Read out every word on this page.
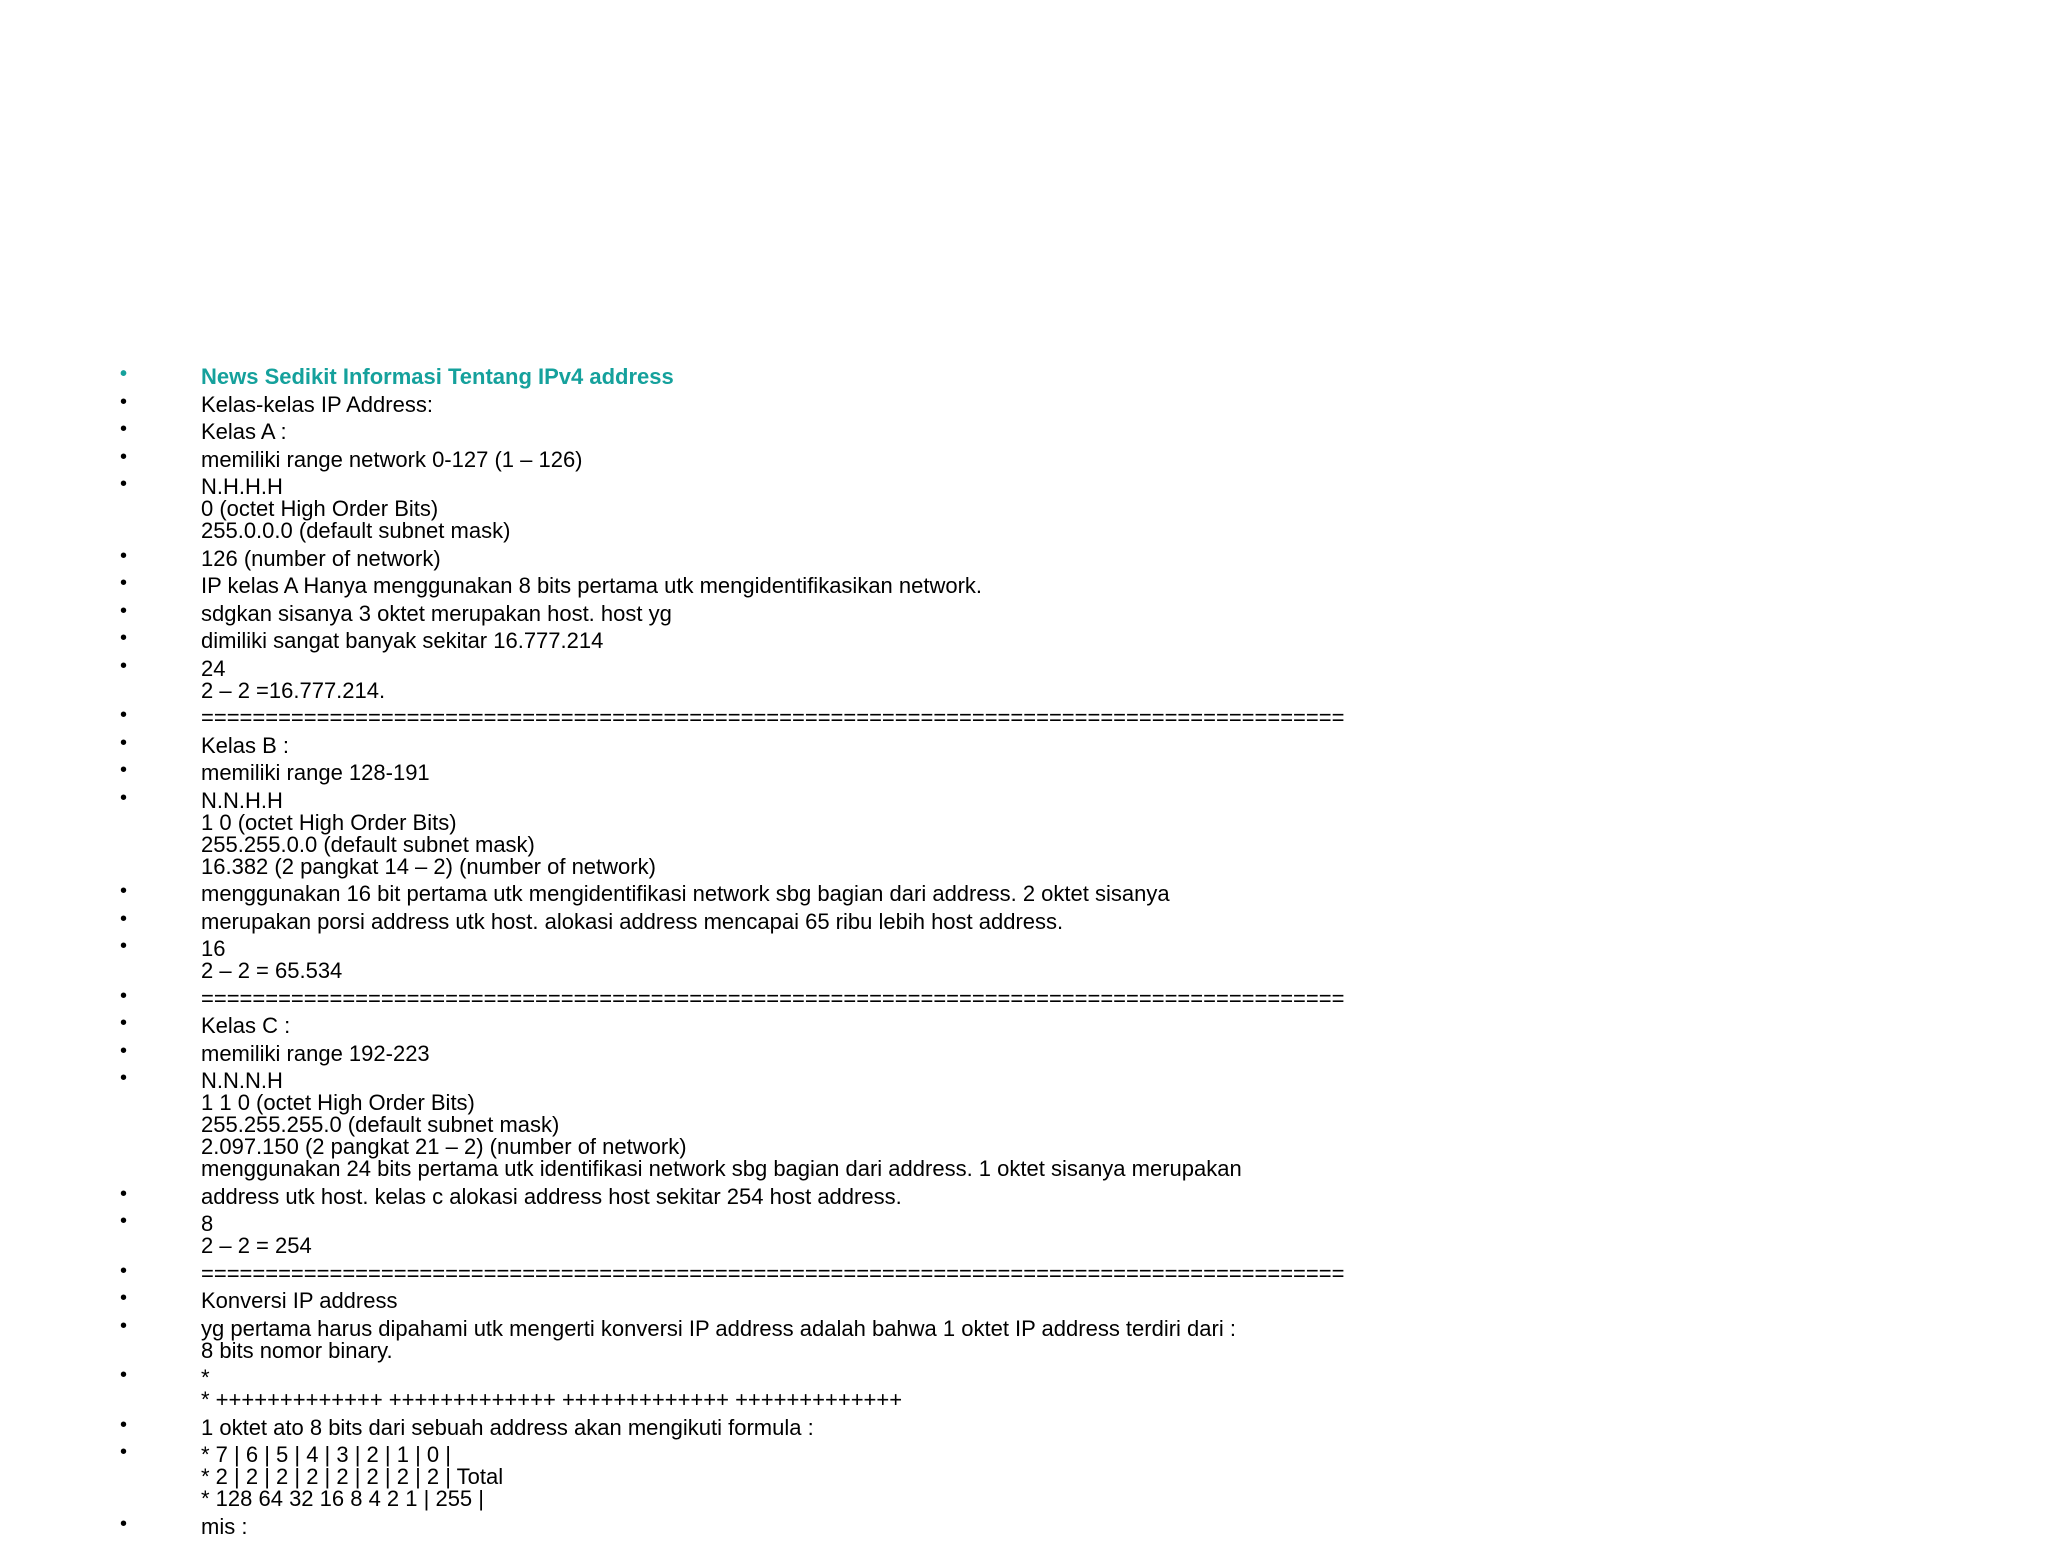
•	News Sedikit Informasi Tentang IPv4 address
•	Kelas-kelas IP Address:
•	Kelas A :
•	memiliki range network 0-127 (1 – 126)
•	N.H.H.H
0 (octet High Order Bits)
255.0.0.0 (default subnet mask)
•	126 (number of network)
•	IP kelas A Hanya menggunakan 8 bits pertama utk mengidentifikasikan network.
•	sdgkan sisanya 3 oktet merupakan host. host yg
•	dimiliki sangat banyak sekitar 16.777.214
•	24
2 – 2 =16.777.214.
•	=========================================================================================
•	Kelas B :
•	memiliki range 128-191
•	N.N.H.H
1 0 (octet High Order Bits)
255.255.0.0 (default subnet mask)
16.382 (2 pangkat 14 – 2) (number of network)
•	menggunakan 16 bit pertama utk mengidentifikasi network sbg bagian dari address. 2 oktet sisanya
•	merupakan porsi address utk host. alokasi address mencapai 65 ribu lebih host address.
•	16
2 – 2 = 65.534
•	=========================================================================================
•	Kelas C :
•	memiliki range 192-223
•	N.N.N.H
1 1 0 (octet High Order Bits)
255.255.255.0 (default subnet mask)
2.097.150 (2 pangkat 21 – 2) (number of network)
menggunakan 24 bits pertama utk identifikasi network sbg bagian dari address. 1 oktet sisanya merupakan
•	address utk host. kelas c alokasi address host sekitar 254 host address.
•	8
2 – 2 = 254
•	=========================================================================================
•	Konversi IP address
•	yg pertama harus dipahami utk mengerti konversi IP address adalah bahwa 1 oktet IP address terdiri dari :
8 bits nomor binary.
•	*
* +++++++++++++ +++++++++++++ +++++++++++++ +++++++++++++
•	1 oktet ato 8 bits dari sebuah address akan mengikuti formula :
•	* 7 | 6 | 5 | 4 | 3 | 2 | 1 | 0 |
* 2 | 2 | 2 | 2 | 2 | 2 | 2 | 2 | Total
* 128 64 32 16 8 4 2 1 | 255 |
•	mis :
